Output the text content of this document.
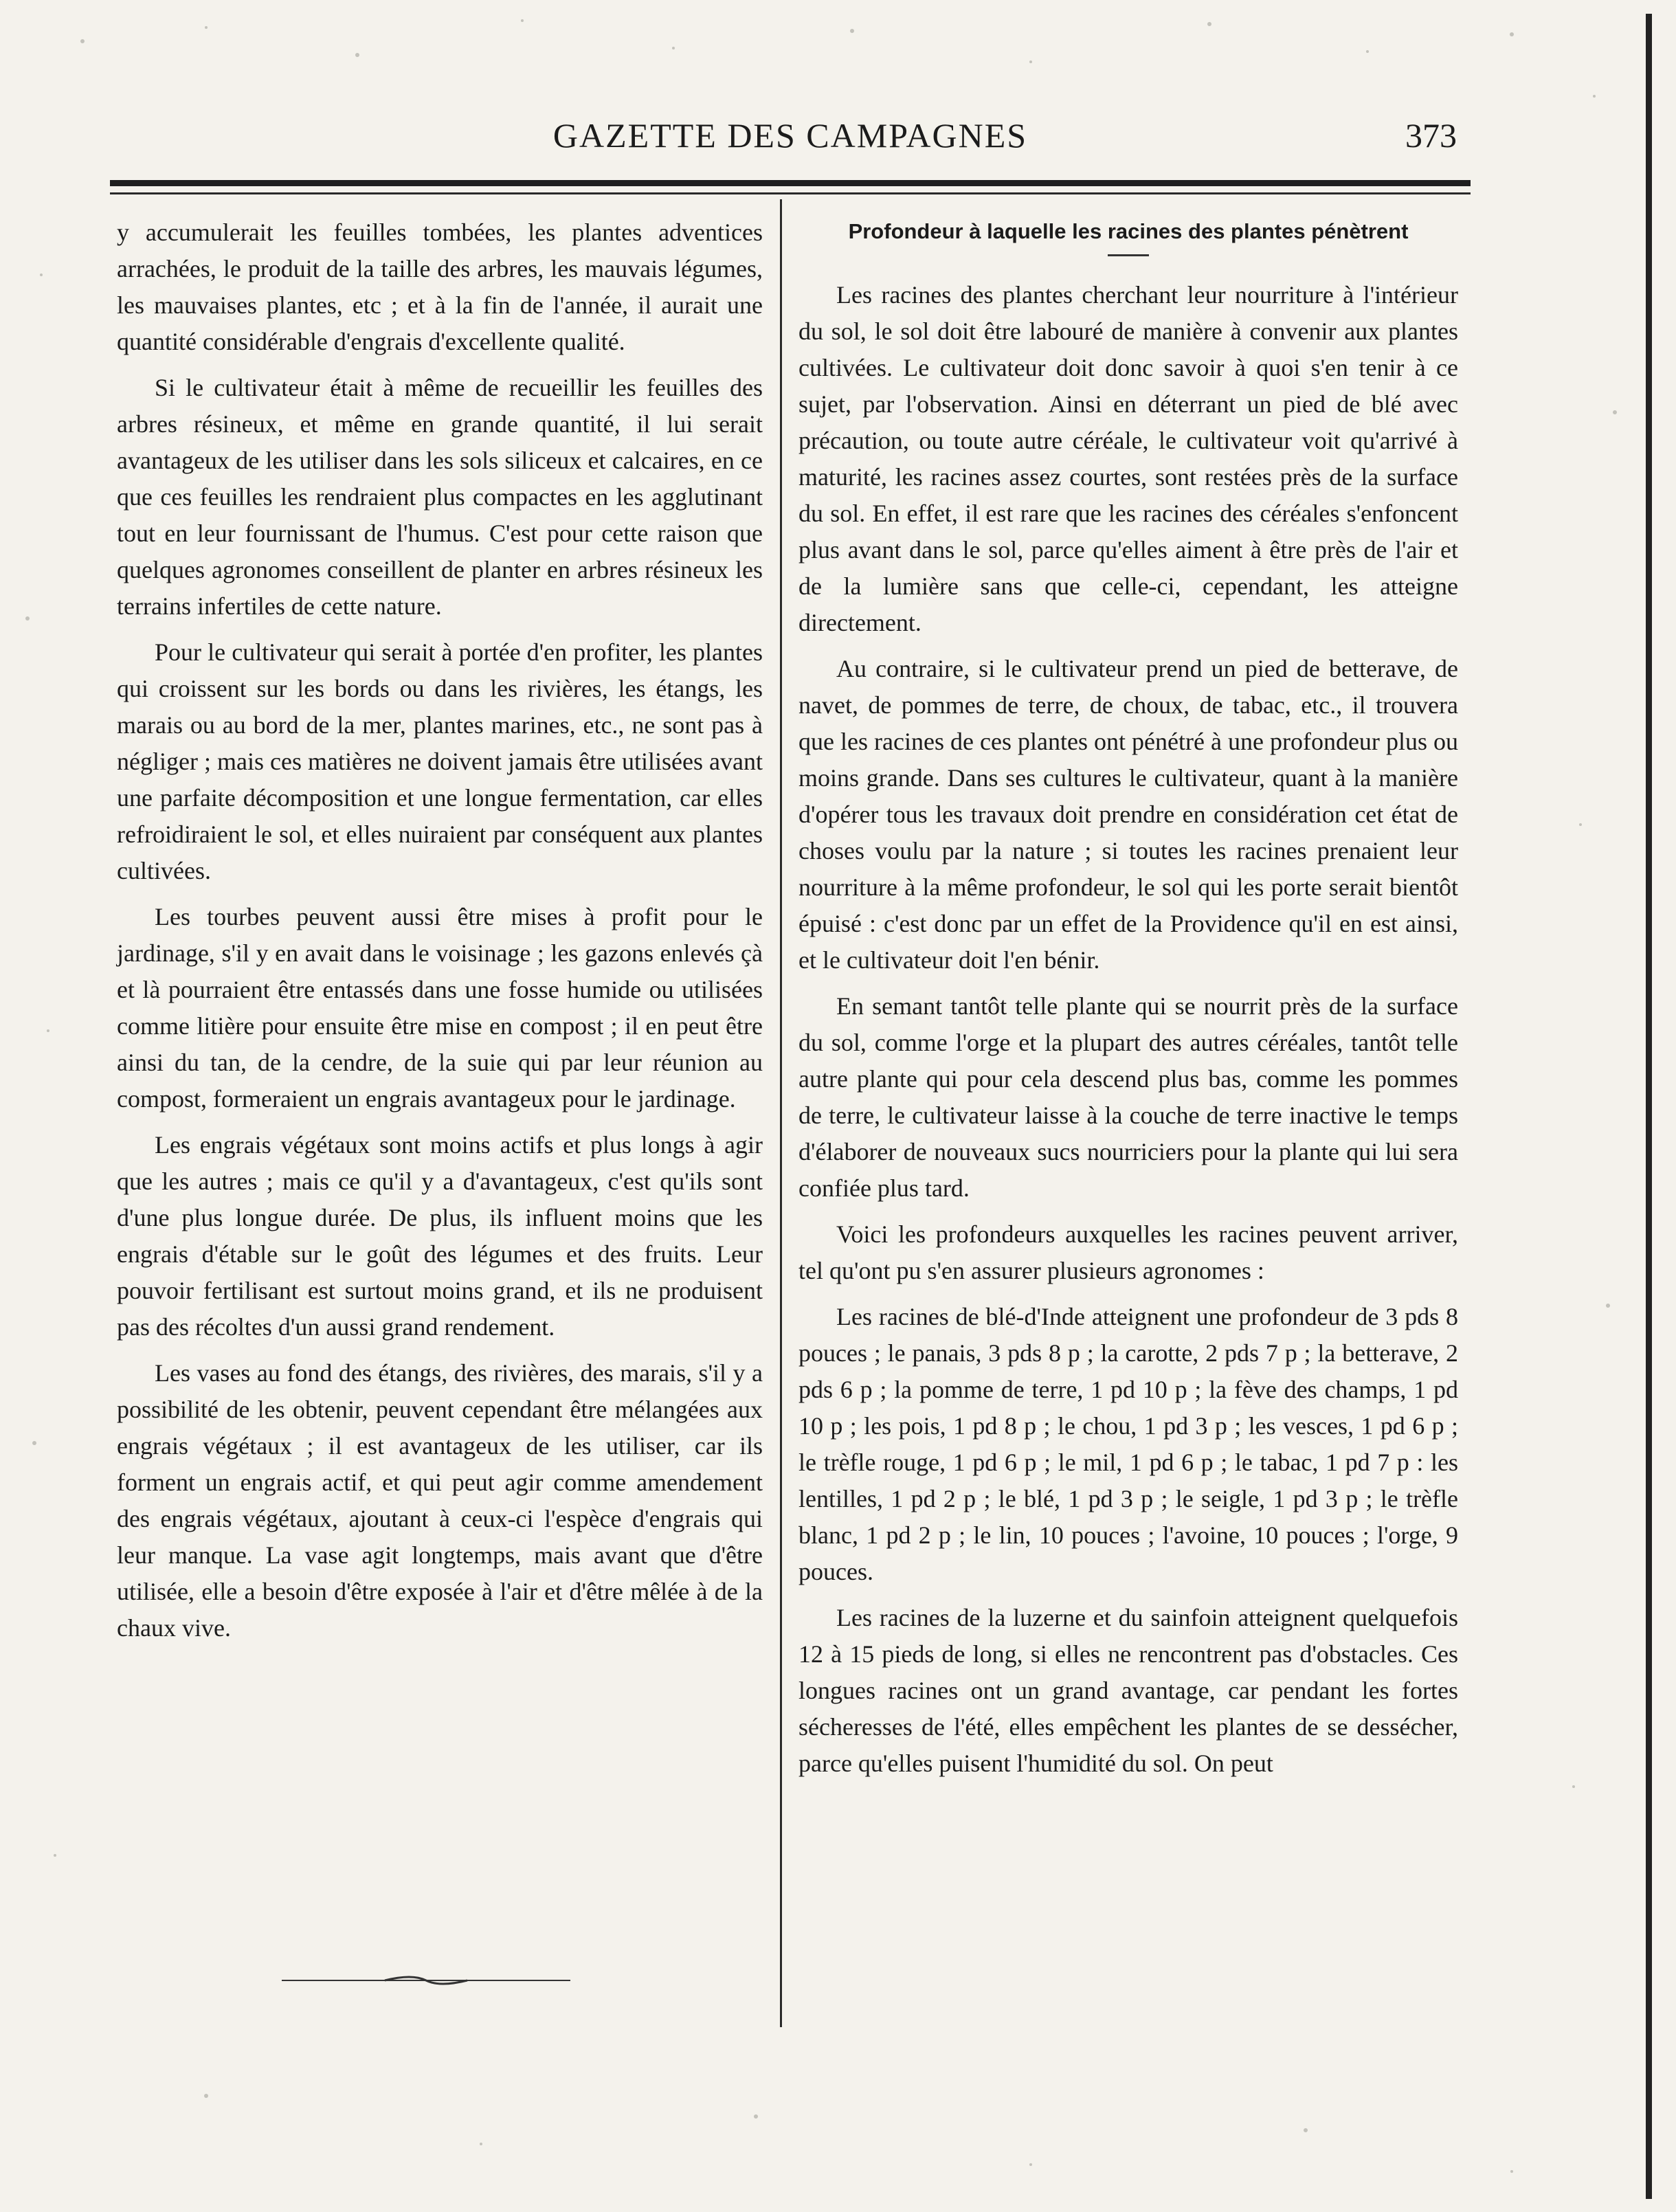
GAZETTE DES CAMPAGNES	373

y accumulerait les feuilles tombées, les plantes adventices arrachées, le produit de la taille des arbres, les mauvais légumes, les mauvaises plantes, etc ; et à la fin de l'année, il aurait une quantité considérable d'engrais d'excellente qualité.

Si le cultivateur était à même de recueillir les feuilles des arbres résineux, et même en grande quantité, il lui serait avantageux de les utiliser dans les sols siliceux et calcaires, en ce que ces feuilles les rendraient plus compactes en les agglutinant tout en leur fournissant de l'humus. C'est pour cette raison que quelques agronomes conseillent de planter en arbres résineux les terrains infertiles de cette nature.

Pour le cultivateur qui serait à portée d'en profiter, les plantes qui croissent sur les bords ou dans les rivières, les étangs, les marais ou au bord de la mer, plantes marines, etc., ne sont pas à négliger ; mais ces matières ne doivent jamais être utilisées avant une parfaite décomposition et une longue fermentation, car elles refroidiraient le sol, et elles nuiraient par conséquent aux plantes cultivées.

Les tourbes peuvent aussi être mises à profit pour le jardinage, s'il y en avait dans le voisinage ; les gazons enlevés çà et là pourraient être entassés dans une fosse humide ou utilisées comme litière pour ensuite être mise en compost ; il en peut être ainsi du tan, de la cendre, de la suie qui par leur réunion au compost, formeraient un engrais avantageux pour le jardinage.

Les engrais végétaux sont moins actifs et plus longs à agir que les autres ; mais ce qu'il y a d'avantageux, c'est qu'ils sont d'une plus longue durée. De plus, ils influent moins que les engrais d'étable sur le goût des légumes et des fruits. Leur pouvoir fertilisant est surtout moins grand, et ils ne produisent pas des récoltes d'un aussi grand rendement.

Les vases au fond des étangs, des rivières, des marais, s'il y a possibilité de les obtenir, peuvent cependant être mélangées aux engrais végétaux ; il est avantageux de les utiliser, car ils forment un engrais actif, et qui peut agir comme amendement des engrais végétaux, ajoutant à ceux-ci l'espèce d'engrais qui leur manque. La vase agit longtemps, mais avant que d'être utilisée, elle a besoin d'être exposée à l'air et d'être mêlée à de la chaux vive.

Profondeur à laquelle les racines des plantes pénètrent

Les racines des plantes cherchant leur nourriture à l'intérieur du sol, le sol doit être labouré de manière à convenir aux plantes cultivées. Le cultivateur doit donc savoir à quoi s'en tenir à ce sujet, par l'observation. Ainsi en déterrant un pied de blé avec précaution, ou toute autre céréale, le cultivateur voit qu'arrivé à maturité, les racines assez courtes, sont restées près de la surface du sol. En effet, il est rare que les racines des céréales s'enfoncent plus avant dans le sol, parce qu'elles aiment à être près de l'air et de la lumière sans que celle-ci, cependant, les atteigne directement.

Au contraire, si le cultivateur prend un pied de betterave, de navet, de pommes de terre, de choux, de tabac, etc., il trouvera que les racines de ces plantes ont pénétré à une profondeur plus ou moins grande. Dans ses cultures le cultivateur, quant à la manière d'opérer tous les travaux doit prendre en considération cet état de choses voulu par la nature ; si toutes les racines prenaient leur nourriture à la même profondeur, le sol qui les porte serait bientôt épuisé : c'est donc par un effet de la Providence qu'il en est ainsi, et le cultivateur doit l'en bénir.

En semant tantôt telle plante qui se nourrit près de la surface du sol, comme l'orge et la plupart des autres céréales, tantôt telle autre plante qui pour cela descend plus bas, comme les pommes de terre, le cultivateur laisse à la couche de terre inactive le temps d'élaborer de nouveaux sucs nourriciers pour la plante qui lui sera confiée plus tard.

Voici les profondeurs auxquelles les racines peuvent arriver, tel qu'ont pu s'en assurer plusieurs agronomes :

Les racines de blé-d'Inde atteignent une profondeur de 3 pds 8 pouces ; le panais, 3 pds 8 p ; la carotte, 2 pds 7 p ; la betterave, 2 pds 6 p ; la pomme de terre, 1 pd 10 p ; la fève des champs, 1 pd 10 p ; les pois, 1 pd 8 p ; le chou, 1 pd 3 p ; les vesces, 1 pd 6 p ; le trèfle rouge, 1 pd 6 p ; le mil, 1 pd 6 p ; le tabac, 1 pd 7 p : les lentilles, 1 pd 2 p ; le blé, 1 pd 3 p ; le seigle, 1 pd 3 p ; le trèfle blanc, 1 pd 2 p ; le lin, 10 pouces ; l'avoine, 10 pouces ; l'orge, 9 pouces.

Les racines de la luzerne et du sainfoin atteignent quelquefois 12 à 15 pieds de long, si elles ne rencontrent pas d'obstacles. Ces longues racines ont un grand avantage, car pendant les fortes sécheresses de l'été, elles empêchent les plantes de se dessécher, parce qu'elles puisent l'humidité du sol. On peut
